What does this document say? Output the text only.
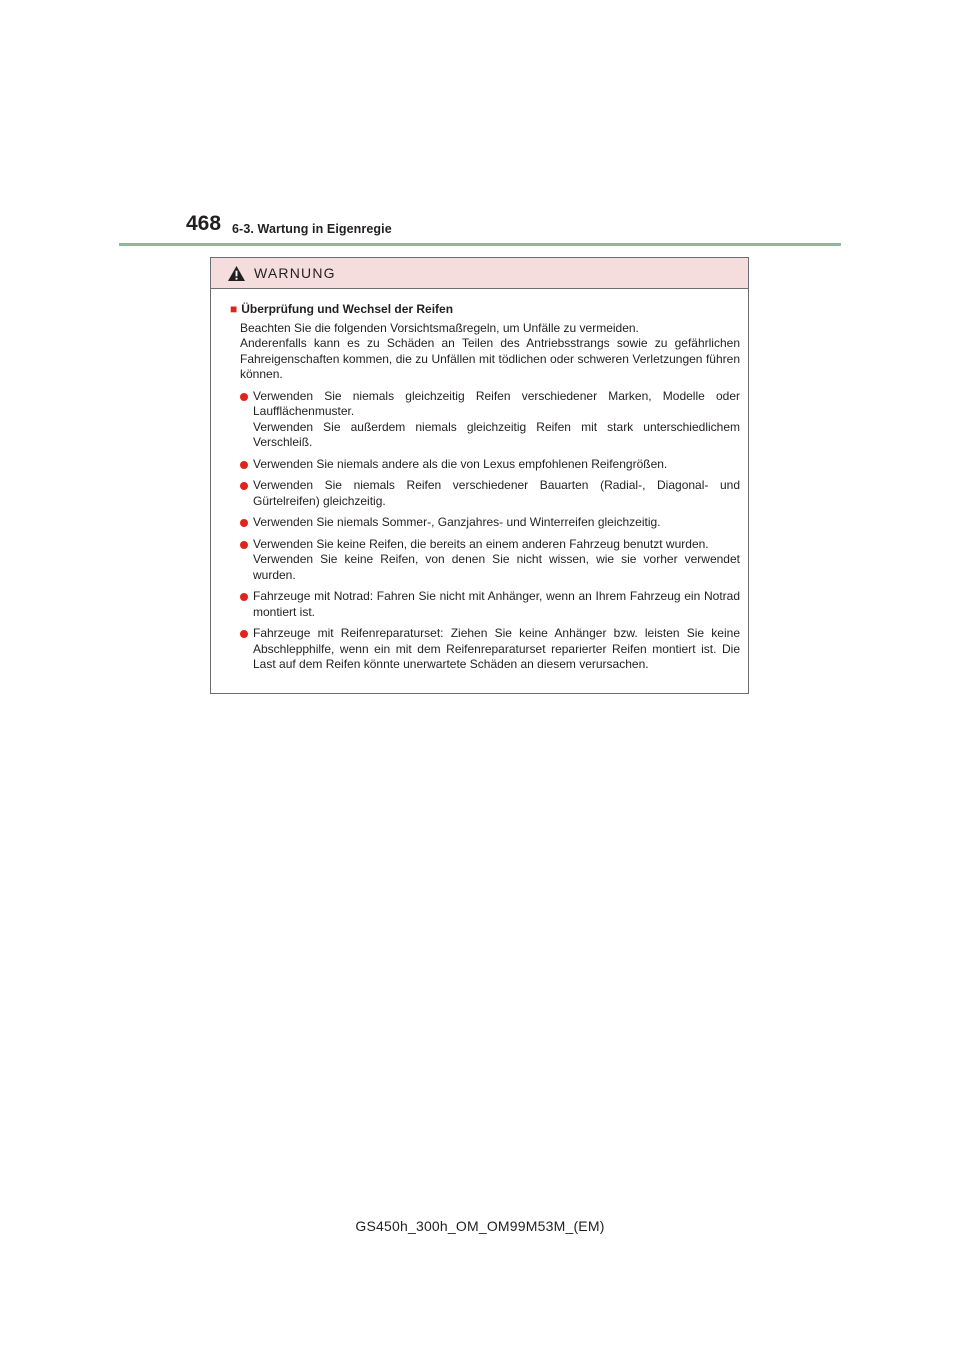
468 6-3. Wartung in Eigenregie
WARNUNG
■ Überprüfung und Wechsel der Reifen

Beachten Sie die folgenden Vorsichtsmaßregeln, um Unfälle zu vermeiden.

Anderenfalls kann es zu Schäden an Teilen des Antriebsstrangs sowie zu gefährlichen Fahreigenschaften kommen, die zu Unfällen mit tödlichen oder schweren Verletzungen führen können.

Verwenden Sie niemals gleichzeitig Reifen verschiedener Marken, Modelle oder Laufflächenmuster.
Verwenden Sie außerdem niemals gleichzeitig Reifen mit stark unterschiedlichem Verschleiß.
Verwenden Sie niemals andere als die von Lexus empfohlenen Reifengrößen.
Verwenden Sie niemals Reifen verschiedener Bauarten (Radial-, Diagonal- und Gürtelreifen) gleichzeitig.
Verwenden Sie niemals Sommer-, Ganzjahres- und Winterreifen gleichzeitig.
Verwenden Sie keine Reifen, die bereits an einem anderen Fahrzeug benutzt wurden.
Verwenden Sie keine Reifen, von denen Sie nicht wissen, wie sie vorher verwendet wurden.
Fahrzeuge mit Notrad: Fahren Sie nicht mit Anhänger, wenn an Ihrem Fahrzeug ein Notrad montiert ist.
Fahrzeuge mit Reifenreparaturset: Ziehen Sie keine Anhänger bzw. leisten Sie keine Abschlepphilfe, wenn ein mit dem Reifenreparaturset reparierter Reifen montiert ist. Die Last auf dem Reifen könnte unerwartete Schäden an diesem verursachen.
GS450h_300h_OM_OM99M53M_(EM)
